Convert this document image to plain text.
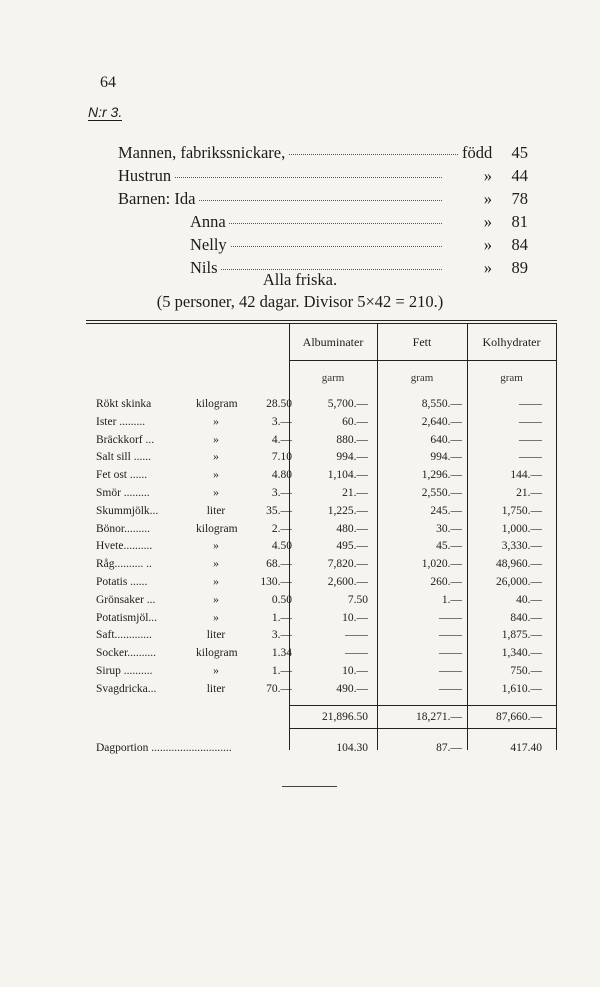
64
N:r 3.
Mannen, fabrikssnickare,	född	45
Hustrun	»	44
Barnen: Ida	»	78
Anna	»	81
Nelly	»	84
Nils	»	89
Alla friska.
(5 personer, 42 dagar. Divisor 5×42 = 210.)
Albuminater	Fett	Kolhydrater
garm	gram	gram
Rökt skinka	kilogram	28.50	5,700.—	8,550.—	——
Ister .........	»	3.—	60.—	2,640.—	——
Bräckkorf ...	»	4.—	880.—	640.—	——
Salt sill ......	»	7.10	994.—	994.—	——
Fet ost ......	»	4.80	1,104.—	1,296.—	144.—
Smör .........	»	3.—	21.—	2,550.—	21.—
Skummjölk...	liter	35.—	1,225.—	245.—	1,750.—
Bönor.........	kilogram	2.—	480.—	30.—	1,000.—
Hvete..........	»	4.50	495.—	45.—	3,330.—
Råg.......... ..	»	68.—	7,820.—	1,020.—	48,960.—
Potatis ......	»	130.—	2,600.—	260.—	26,000.—
Grönsaker ...	»	0.50	7.50	1.—	40.—
Potatismjöl...	»	1.—	10.—	——	840.—
Saft.............	liter	3.—	——	——	1,875.—
Socker..........	kilogram	1.34	——	——	1,340.—
Sirup ..........	»	1.—	10.—	——	750.—
Svagdricka...	liter	70.—	490.—	——	1,610.—
21,896.50	18,271.—	87,660.—
Dagportion ............................	104.30	87.—	417.40
